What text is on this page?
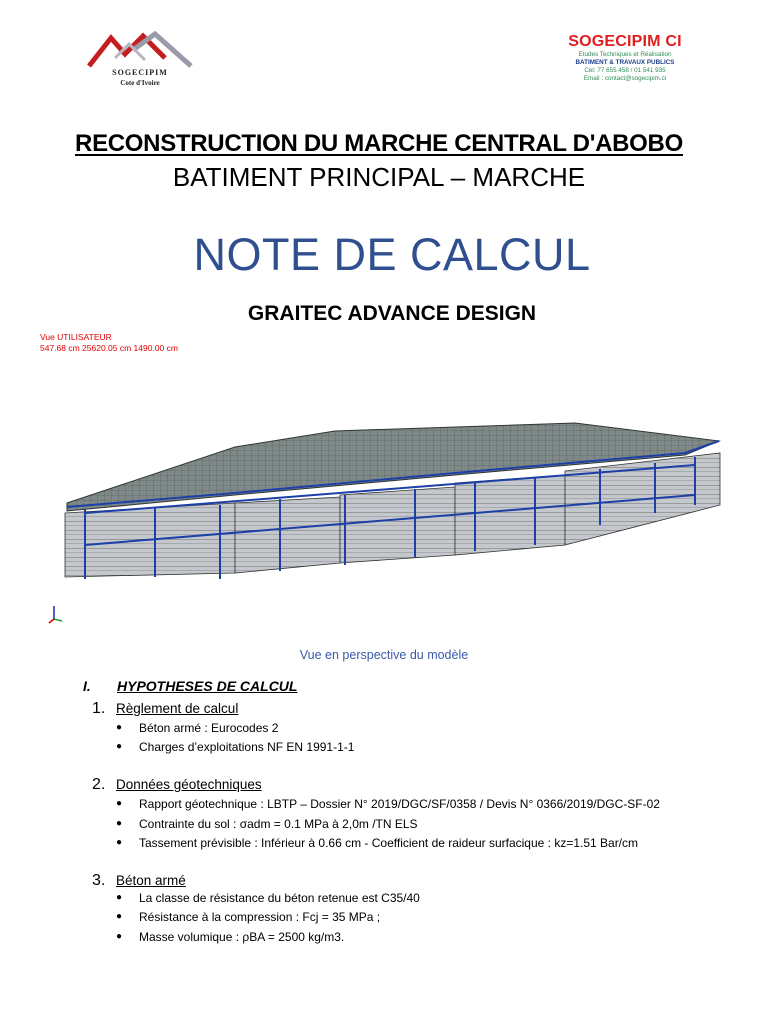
SOGECIPIM
Cote d'Ivoire
SOGECIPIM CI
Etudes Techniques et Réalisation
BATIMENT & TRAVAUX PUBLICS
Cel: 77 655 458 / 01 541 935
Email : contact@sogecipim.ci
RECONSTRUCTION DU MARCHE CENTRAL D'ABOBO
BATIMENT PRINCIPAL – MARCHE
NOTE DE CALCUL
GRAITEC ADVANCE DESIGN
Vue UTILISATEUR
547.68 cm 25620.05 cm 1490.00 cm
Vue en perspective du modèle
I. HYPOTHESES DE CALCUL
1. Règlement de calcul
● Béton armé : Eurocodes 2
● Charges d’exploitations NF EN 1991-1-1
2. Données géotechniques
● Rapport géotechnique : LBTP – Dossier N° 2019/DGC/SF/0358 / Devis N° 0366/2019/DGC-SF-02
● Contrainte du sol : σadm = 0.1 MPa à 2,0m /TN ELS
● Tassement prévisible : Inférieur à 0.66 cm - Coefficient de raideur surfacique : kz=1.51 Bar/cm
3. Béton armé
● La classe de résistance du béton retenue est C35/40
● Résistance à la compression : Fcj = 35 MPa ;
● Masse volumique : ρBA = 2500 kg/m3.
